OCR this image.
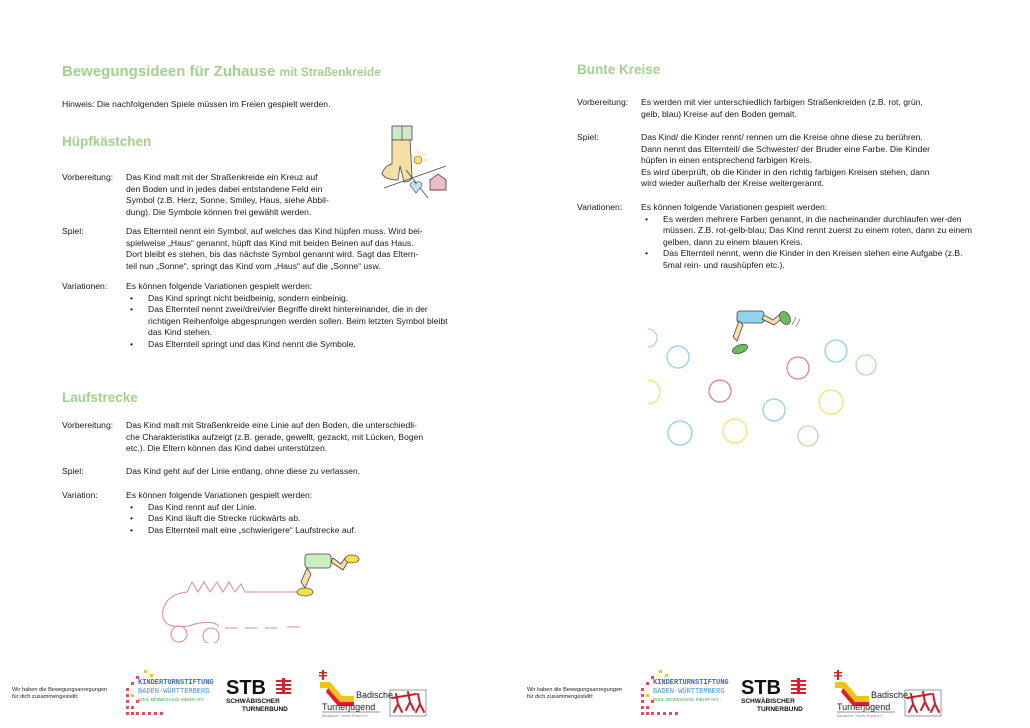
Bewegungsideen für Zuhause mit Straßenkreide
Hinweis: Die nachfolgenden Spiele müssen im Freien gespielt werden.
Hüpfkästchen
Vorbereitung:	Das Kind malt mit der Straßenkreide ein Kreuz auf
den Boden und in jedes dabei entstandene Feld ein
Symbol (z.B. Herz, Sonne, Smiley, Haus, siehe Abbil-
dung). Die Symbole können frei gewählt werden.
Spiel:	Das Elternteil nennt ein Symbol, auf welches das Kind hüpfen muss. Wird bei-
spielweise „Haus“ genannt, hüpft das Kind mit beiden Beinen auf das Haus.
Dort bleibt es stehen, bis das nächste Symbol genannt wird. Sagt das Eltern-
teil nun „Sonne“, springt das Kind vom „Haus“ auf die „Sonne“ usw.
Variationen:	Es können folgende Variationen gespielt werden:
• Das Kind springt nicht beidbeinig, sondern einbeinig.
• Das Elternteil nennt zwei/drei/vier Begriffe direkt hintereinander, die in der richtigen Reihenfolge abgesprungen werden sollen. Beim letzten Symbol bleibt das Kind stehen.
• Das Elternteil springt und das Kind nennt die Symbole.
Laufstrecke
Vorbereitung:	Das Kind malt mit Straßenkreide eine Linie auf den Boden, die unterschiedli-
che Charakteristika aufzeigt (z.B. gerade, gewellt, gezackt, mit Lücken, Bogen
etc.). Die Eltern können das Kind dabei unterstützen.
Spiel:	Das Kind geht auf der Linie entlang, ohne diese zu verlassen.
Variation:	Es können folgende Variationen gespielt werden:
• Das Kind rennt auf der Linie.
• Das Kind läuft die Strecke rückwärts ab.
• Das Elternteil malt eine „schwierigere“ Laufstrecke auf.
Wir haben die Bewegungsanregungen
für dich zusammengestellt:
KINDERTURNSTIFTUNG
BADEN-WÜRTTEMBERG
WEIL BEWEGUNG MEHR IST...
STB
SCHWÄBISCHER
TURNERBUND
Badische
Turnerjugend
Badischer Turner-Bund e.V.
Bunte Kreise
Vorbereitung:	Es werden mit vier unterschiedlich farbigen Straßenkreiden (z.B. rot, grün,
gelb, blau) Kreise auf den Boden gemalt.
Spiel:	Das Kind/ die Kinder rennt/ rennen um die Kreise ohne diese zu berühren.
Dann nennt das Elternteil/ die Schwester/ der Bruder eine Farbe. Die Kinder
hüpfen in einen entsprechend farbigen Kreis.
Es wird überprüft, ob die Kinder in den richtig farbigen Kreisen stehen, dann
wird wieder außerhalb der Kreise weitergerannt.
Variationen:	Es können folgende Variationen gespielt werden:
• Es werden mehrere Farben genannt, in die nacheinander durchlaufen wer-den müssen. Z.B. rot-gelb-blau; Das Kind rennt zuerst zu einem roten, dann zu einem gelben, dann zu einem blauen Kreis.
• Das Elternteil nennt, wenn die Kinder in den Kreisen stehen eine Aufgabe (z.B. 5mal rein- und raushüpfen etc.).
Wir haben die Bewegungsanregungen
für dich zusammengestellt:
KINDERTURNSTIFTUNG
BADEN-WÜRTTEMBERG
WEIL BEWEGUNG MEHR IST...
STB
SCHWÄBISCHER
TURNERBUND
Badische
Turnerjugend
Badischer Turner-Bund e.V.
